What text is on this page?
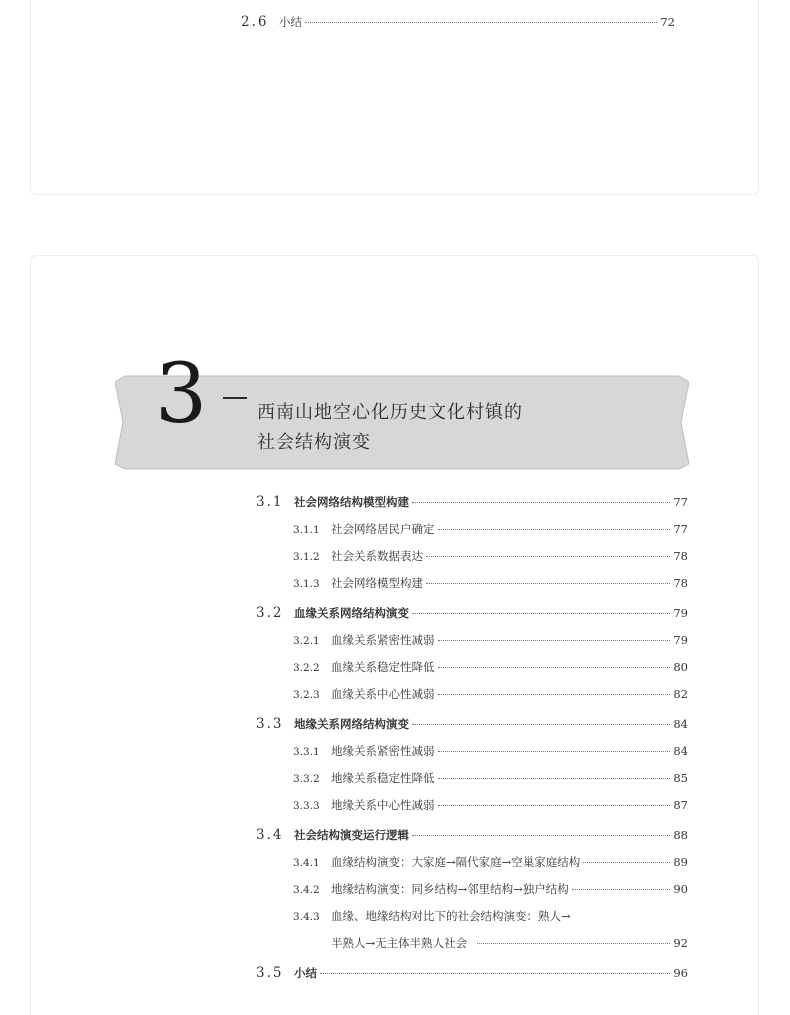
2.6 小结	72
3	西南山地空心化历史文化村镇的
社会结构演变
3.1 社会网络结构模型构建	77
3.1.1 社会网络居民户确定	77
3.1.2 社会关系数据表达	78
3.1.3 社会网络模型构建	78
3.2 血缘关系网络结构演变	79
3.2.1 血缘关系紧密性减弱	79
3.2.2 血缘关系稳定性降低	80
3.2.3 血缘关系中心性减弱	82
3.3 地缘关系网络结构演变	84
3.3.1 地缘关系紧密性减弱	84
3.3.2 地缘关系稳定性降低	85
3.3.3 地缘关系中心性减弱	87
3.4 社会结构演变运行逻辑	88
3.4.1 血缘结构演变：大家庭→隔代家庭→空巢家庭结构	89
3.4.2 地缘结构演变：同乡结构→邻里结构→独户结构	90
3.4.3 血缘、地缘结构对比下的社会结构演变：熟人→
半熟人→无主体半熟人社会	92
3.5 小结	96
